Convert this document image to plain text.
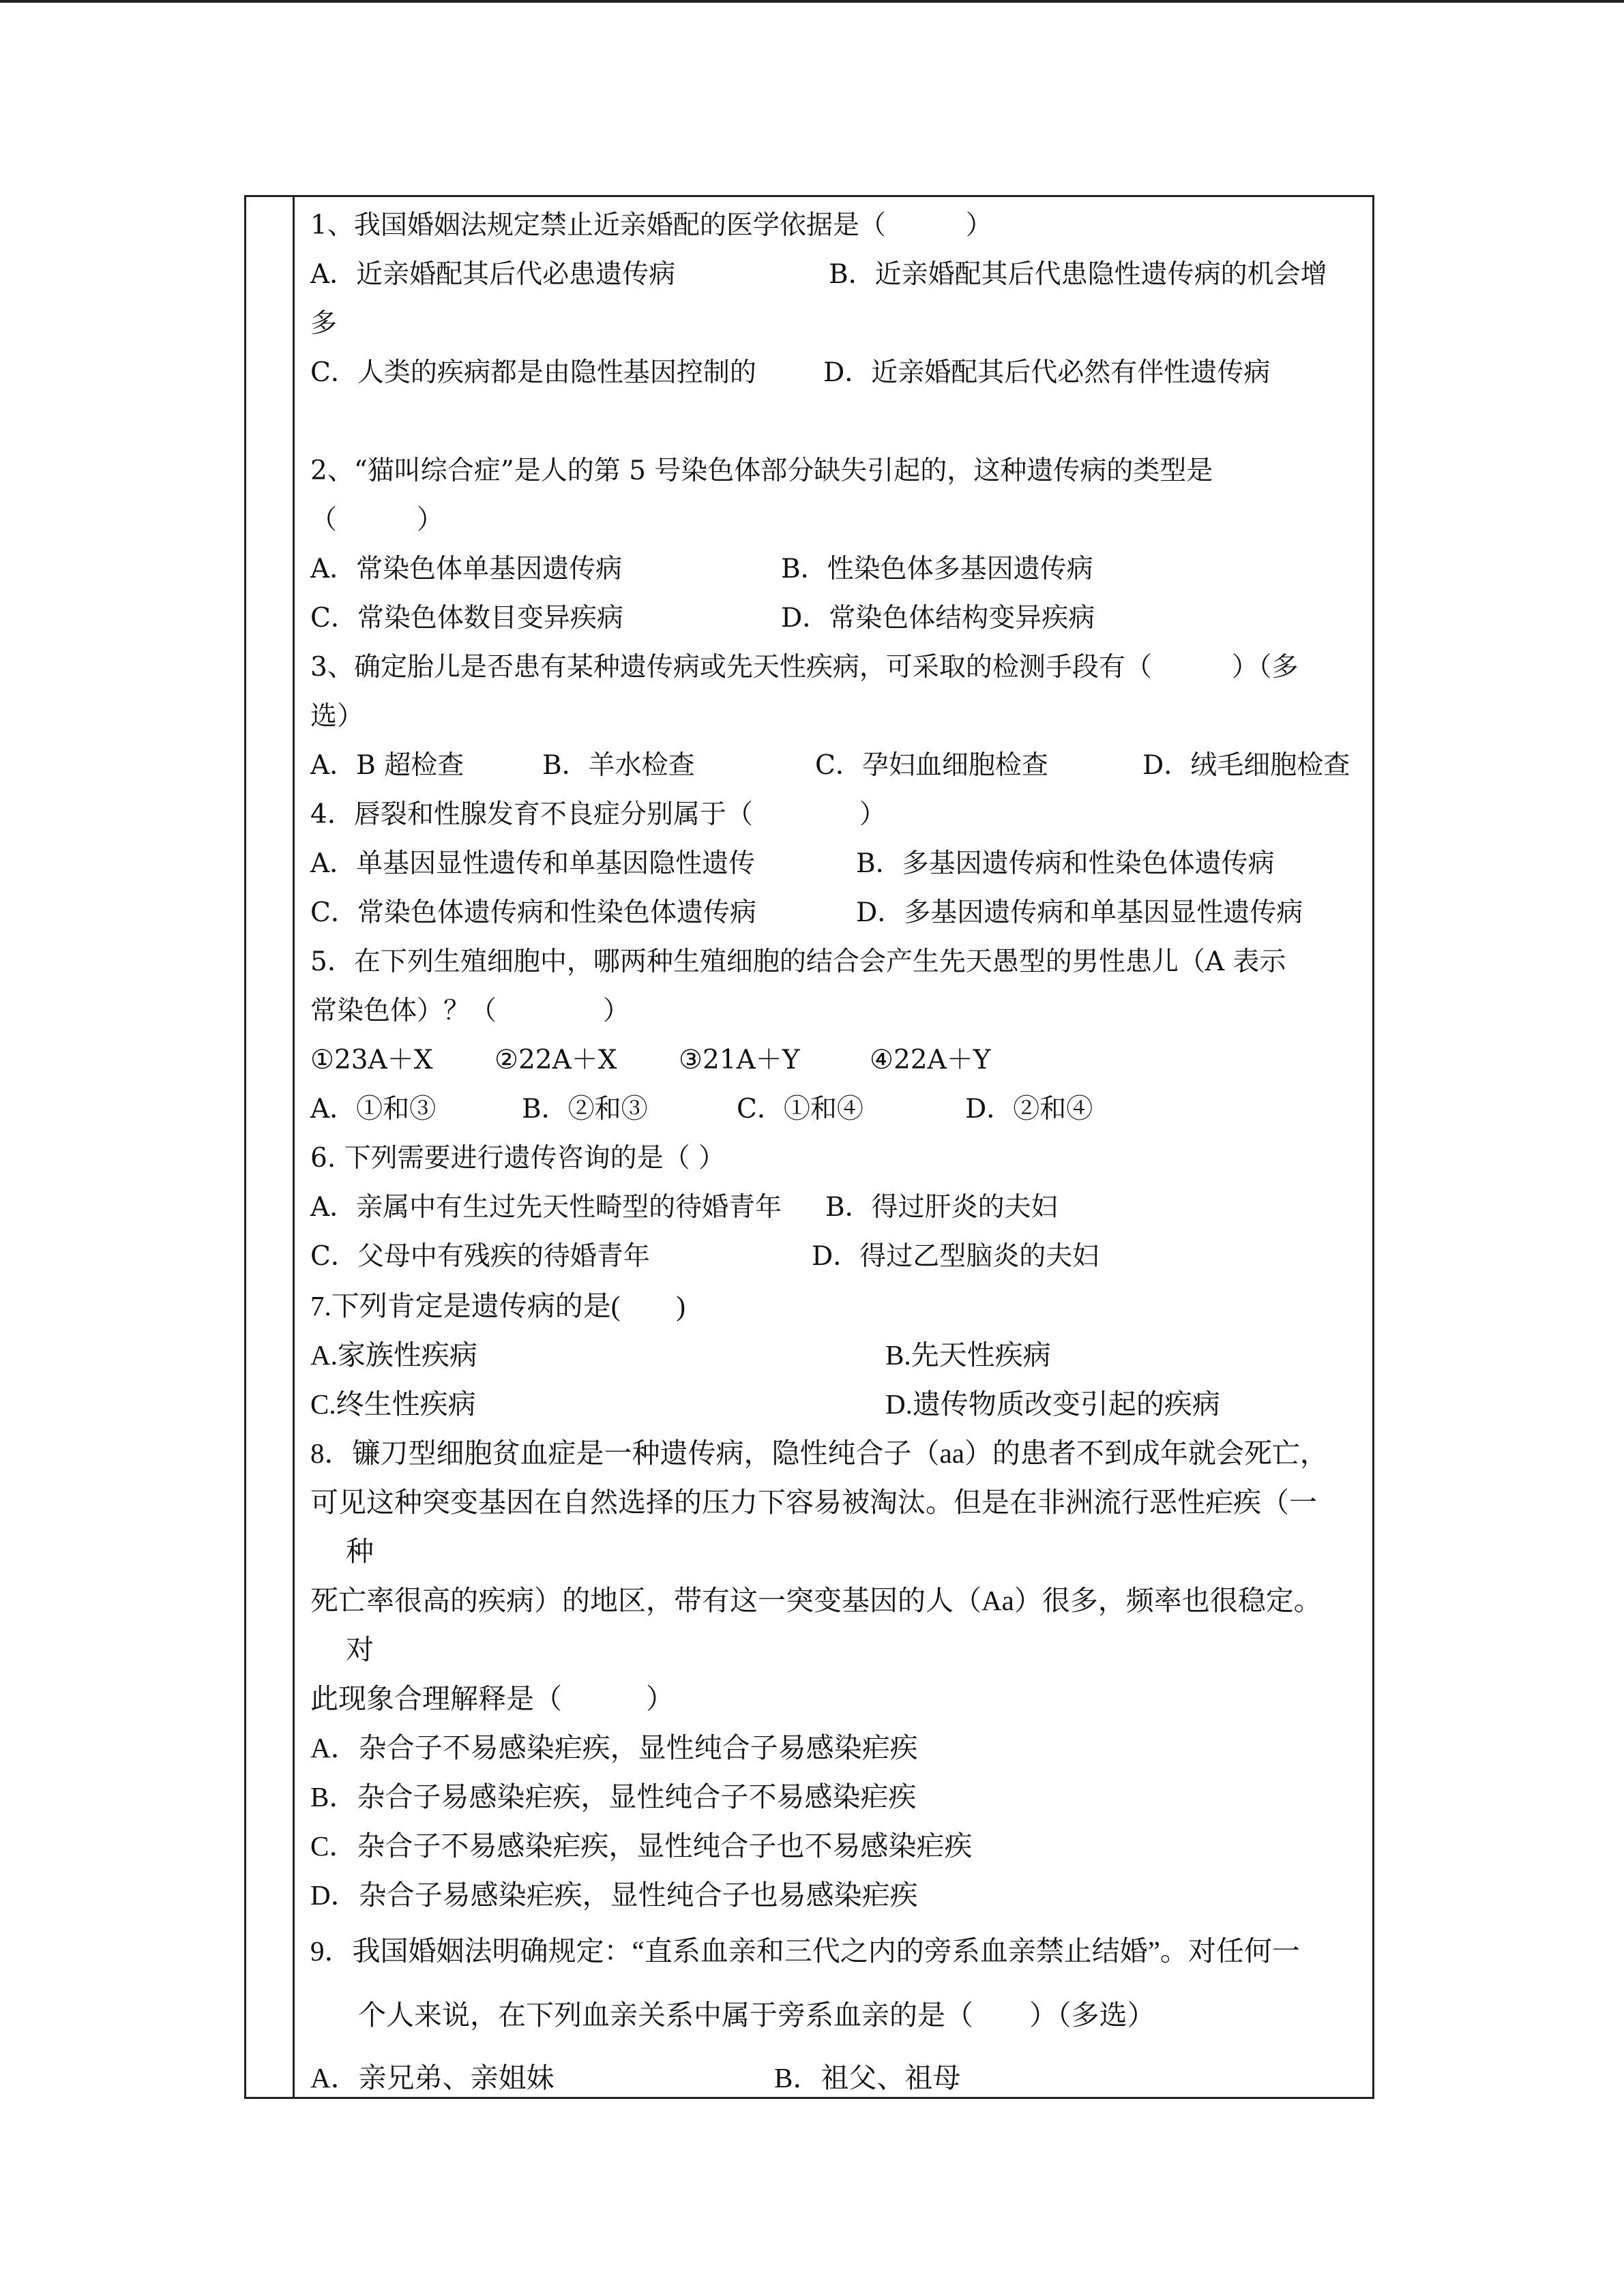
1、我国婚姻法规定禁止近亲婚配的医学依据是（　　　）
A．近亲婚配其后代必患遗传病	B．近亲婚配其后代患隐性遗传病的机会增
多
C．人类的疾病都是由隐性基因控制的	D．近亲婚配其后代必然有伴性遗传病
2、“猫叫综合症”是人的第 5 号染色体部分缺失引起的，这种遗传病的类型是
（　　　）
A．常染色体单基因遗传病	B．性染色体多基因遗传病
C．常染色体数目变异疾病	D．常染色体结构变异疾病
3、确定胎儿是否患有某种遗传病或先天性疾病，可采取的检测手段有（　　　）（多
选）
A．B 超检查	B．羊水检查	C．孕妇血细胞检查	D．绒毛细胞检查
4．唇裂和性腺发育不良症分别属于（　　　　）
A．单基因显性遗传和单基因隐性遗传	B．多基因遗传病和性染色体遗传病
C．常染色体遗传病和性染色体遗传病	D．多基因遗传病和单基因显性遗传病
5．在下列生殖细胞中，哪两种生殖细胞的结合会产生先天愚型的男性患儿（A 表示
常染色体）？（　　　　）
①23A＋X ②22A＋X ③21A＋Y	④22A＋Y
A．①和③	B．②和③	C．①和④	D．②和④
6. 下列需要进行遗传咨询的是（ ）
A．亲属中有生过先天性畸型的待婚青年 B．得过肝炎的夫妇
C．父母中有残疾的待婚青年	D．得过乙型脑炎的夫妇
7.下列肯定是遗传病的是(　　)
A.家族性疾病	B.先天性疾病
C.终生性疾病	D.遗传物质改变引起的疾病
8．镰刀型细胞贫血症是一种遗传病，隐性纯合子（aa）的患者不到成年就会死亡，
可见这种突变基因在自然选择的压力下容易被淘汰。但是在非洲流行恶性疟疾（一
种
死亡率很高的疾病）的地区，带有这一突变基因的人（Aa）很多，频率也很稳定。
对
此现象合理解释是（　　　）
A．杂合子不易感染疟疾，显性纯合子易感染疟疾
B．杂合子易感染疟疾，显性纯合子不易感染疟疾
C．杂合子不易感染疟疾，显性纯合子也不易感染疟疾
D．杂合子易感染疟疾，显性纯合子也易感染疟疾
9．我国婚姻法明确规定：“直系血亲和三代之内的旁系血亲禁止结婚”。对任何一
个人来说，在下列血亲关系中属于旁系血亲的是（　　）（多选）
A．亲兄弟、亲姐妹	B．祖父、祖母
